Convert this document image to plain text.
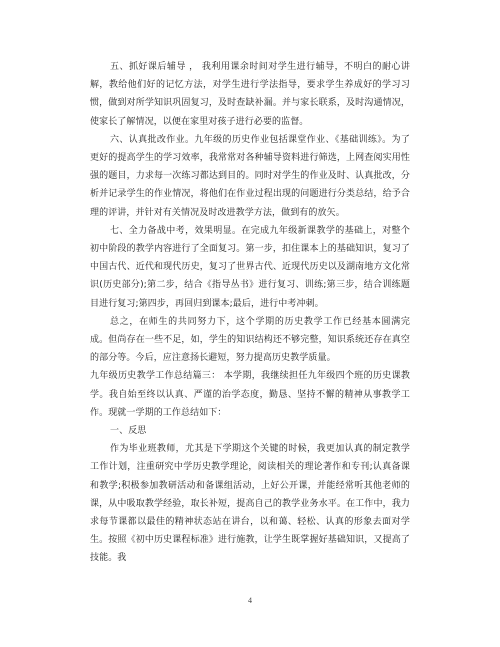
五、抓好课后辅导 ， 我利用课余时间对学生进行辅导，不明白的耐心讲解，教给他们好的记忆方法，对学生进行学法指导，要求学生养成好的学习习惯，做到对所学知识巩固复习，及时查缺补漏。并与家长联系，及时沟通情况，使家长了解情况，以便在家里对孩子进行必要的监督。

六、认真批改作业。九年级的历史作业包括课堂作业、《基础训练》。为了更好的提高学生的学习效率，我常常对各种辅导资料进行筛选，上网查阅实用性强的题目，力求每一次练习都达到目的。同时对学生的作业及时、认真批改，分析并记录学生的作业情况，将他们在作业过程出现的问题进行分类总结，给予合理的评讲，并针对有关情况及时改进教学方法，做到有的放矢。

七、全力备战中考，效果明显。在完成九年级新课教学的基础上，对整个初中阶段的教学内容进行了全面复习。第一步，扣住课本上的基础知识，复习了中国古代、近代和现代历史，复习了世界古代、近现代历史以及湖南地方文化常识(历史部分);第二步，结合《指导丛书》进行复习、训练;第三步，结合训练题目进行复习;第四步，再回归到课本;最后，进行中考冲刺。

总之，在师生的共同努力下，这个学期的历史教学工作已经基本圆满完成。但尚存在一些不足，如，学生的知识结构还不够完整，知识系统还存在真空的部分等。今后，应注意扬长避短，努力提高历史教学质量。

九年级历史教学工作总结篇三： 本学期，我继续担任九年级四个班的历史课教学。我自始至终以认真、严谨的治学态度，勤恳、坚持不懈的精神从事教学工作。现就一学期的工作总结如下：

一、反思

作为毕业班教师，尤其是下学期这个关键的时候，我更加认真的制定教学工作计划，注重研究中学历史教学理论，阅读相关的理论著作和专刊;认真备课和教学;积极参加教研活动和备课组活动，上好公开课，并能经常听其他老师的课，从中吸取教学经验，取长补短，提高自己的教学业务水平。在工作中，我力求每节课都以最佳的精神状态站在讲台，以和蔼、轻松、认真的形象去面对学生。按照《初中历史课程标准》进行施教，让学生既掌握好基础知识，又提高了技能。我

4
